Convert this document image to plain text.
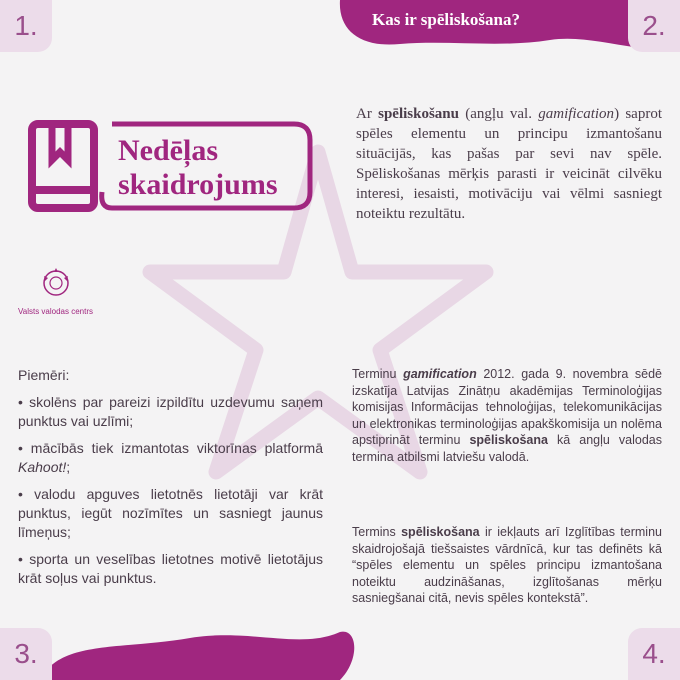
Kas ir spēliskošana?
1.	2.
3.	4.
Nedēļas
skaidrojums
Valsts valodas centrs
Ar spēliskošanu (angļu val. gamification) saprot spēles elementu un principu izmantošanu situācijās, kas pašas par sevi nav spēle. Spēliskošanas mērķis parasti ir veicināt cilvēku interesi, iesaisti, motivāciju vai vēlmi sasniegt noteiktu rezultātu.

Piemēri:

• skolēns par pareizi izpildītu uzdevumu saņem punktus vai uzlīmi;

• mācībās tiek izmantotas viktorīnas platformā Kahoot!;

• valodu apguves lietotnēs lietotāji var krāt punktus, iegūt nozīmītes un sasniegt jaunus līmeņus;

• sporta un veselības lietotnes motivē lietotājus krāt soļus vai punktus.

Terminu gamification 2012. gada 9. novembra sēdē izskatīja Latvijas Zinātņu akadēmijas Terminoloģijas komisijas Informācijas tehnoloģijas, telekomunikācijas un elektronikas terminoloģijas apakškomisija un nolēma apstiprināt terminu spēliskošana kā angļu valodas termina atbilsmi latviešu valodā.
Termins spēliskošana ir iekļauts arī Izglītības terminu skaidrojošajā tiešsaistes vārdnīcā, kur tas definēts kā “spēles elementu un spēles principu izmantošana noteiktu audzināšanas, izglītošanas mērķu sasniegšanai citā, nevis spēles kontekstā”.
